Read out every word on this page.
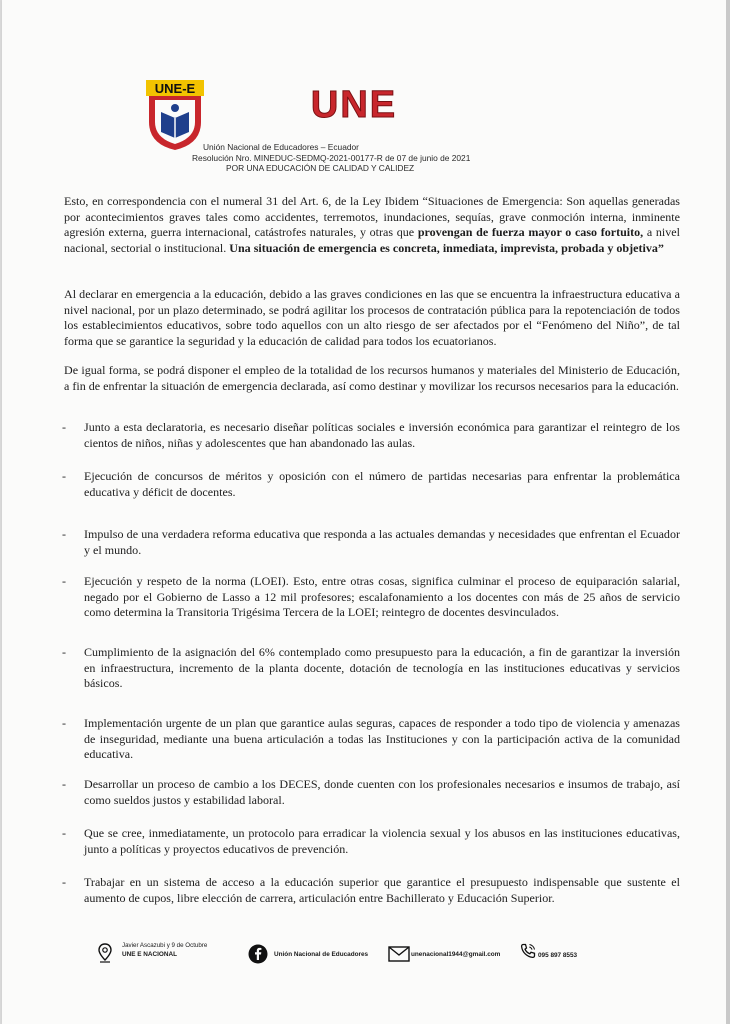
UNE-E	UNE
Unión Nacional de Educadores – Ecuador
Resolución Nro. MINEDUC-SEDMQ-2021-00177-R de 07 de junio de 2021
POR UNA EDUCACIÓN DE CALIDAD Y CALIDEZ

Esto, en correspondencia con el numeral 31 del Art. 6, de la Ley Ibidem “Situaciones de Emergencia: Son aquellas generadas por acontecimientos graves tales como accidentes, terremotos, inundaciones, sequías, grave conmoción interna, inminente agresión externa, guerra internacional, catástrofes naturales, y otras que provengan de fuerza mayor o caso fortuito, a nivel nacional, sectorial o institucional. Una situación de emergencia es concreta, inmediata, imprevista, probada y objetiva”

Al declarar en emergencia a la educación, debido a las graves condiciones en las que se encuentra la infraestructura educativa a nivel nacional, por un plazo determinado, se podrá agilitar los procesos de contratación pública para la repotenciación de todos los establecimientos educativos, sobre todo aquellos con un alto riesgo de ser afectados por el “Fenómeno del Niño”, de tal forma que se garantice la seguridad y la educación de calidad para todos los ecuatorianos.

De igual forma, se podrá disponer el empleo de la totalidad de los recursos humanos y materiales del Ministerio de Educación, a fin de enfrentar la situación de emergencia declarada, así como destinar y movilizar los recursos necesarios para la educación.

- Junto a esta declaratoria, es necesario diseñar políticas sociales e inversión económica para garantizar el reintegro de los cientos de niños, niñas y adolescentes que han abandonado las aulas.

- Ejecución de concursos de méritos y oposición con el número de partidas necesarias para enfrentar la problemática educativa y déficit de docentes.

- Impulso de una verdadera reforma educativa que responda a las actuales demandas y necesidades que enfrentan el Ecuador y el mundo.

- Ejecución y respeto de la norma (LOEI). Esto, entre otras cosas, significa culminar el proceso de equiparación salarial, negado por el Gobierno de Lasso a 12 mil profesores; escalafonamiento a los docentes con más de 25 años de servicio como determina la Transitoria Trigésima Tercera de la LOEI; reintegro de docentes desvinculados.

- Cumplimiento de la asignación del 6% contemplado como presupuesto para la educación, a fin de garantizar la inversión en infraestructura, incremento de la planta docente, dotación de tecnología en las instituciones educativas y servicios básicos.

- Implementación urgente de un plan que garantice aulas seguras, capaces de responder a todo tipo de violencia y amenazas de inseguridad, mediante una buena articulación a todas las Instituciones y con la participación activa de la comunidad educativa.

- Desarrollar un proceso de cambio a los DECES, donde cuenten con los profesionales necesarios e insumos de trabajo, así como sueldos justos y estabilidad laboral.

- Que se cree, inmediatamente, un protocolo para erradicar la violencia sexual y los abusos en las instituciones educativas, junto a políticas y proyectos educativos de prevención.

- Trabajar en un sistema de acceso a la educación superior que garantice el presupuesto indispensable que sustente el aumento de cupos, libre elección de carrera, articulación entre Bachillerato y Educación Superior.

Javier Ascazubi y 9 de Octubre
UNE E NACIONAL	Unión Nacional de Educadores	unenacional1944@gmail.com	095 897 8553
